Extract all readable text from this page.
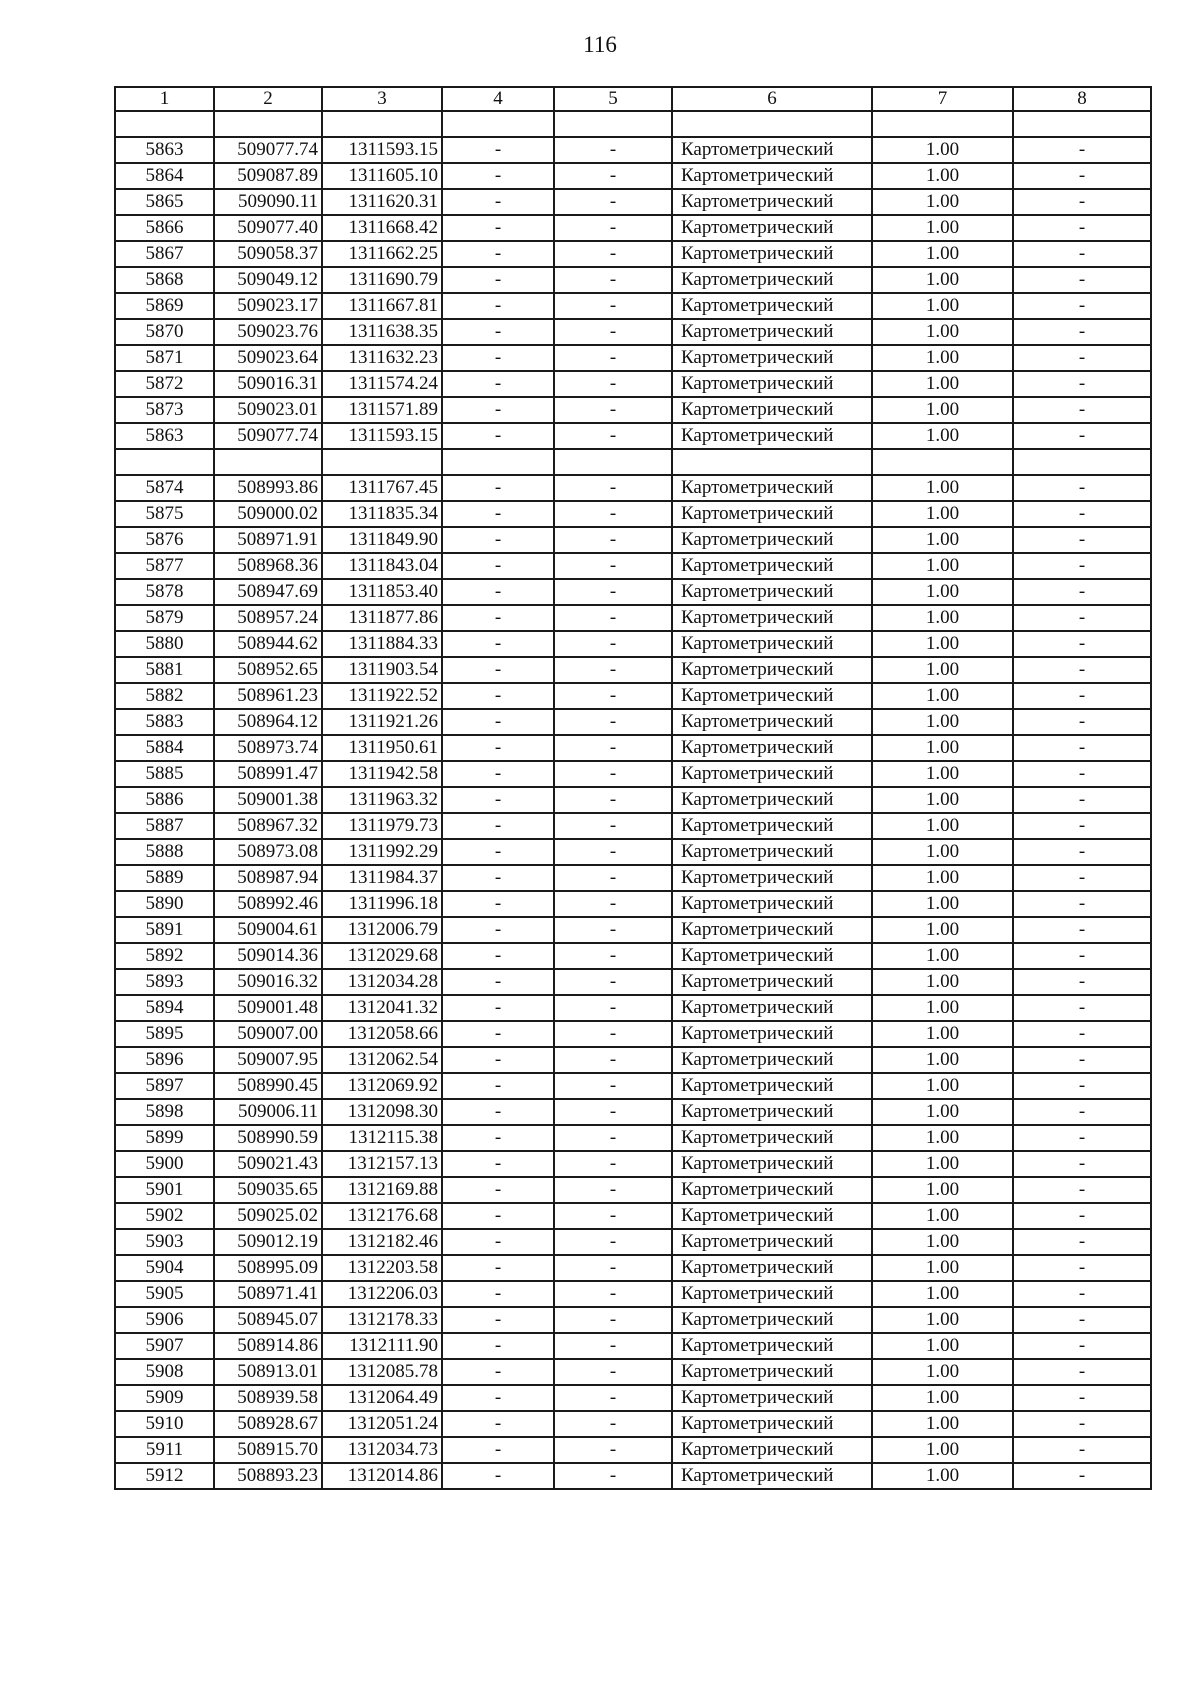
116
1	2	3	4	5	6	7	8

5863	509077.74	1311593.15	-	-	Картометрический	1.00	-
5864	509087.89	1311605.10	-	-	Картометрический	1.00	-
5865	509090.11	1311620.31	-	-	Картометрический	1.00	-
5866	509077.40	1311668.42	-	-	Картометрический	1.00	-
5867	509058.37	1311662.25	-	-	Картометрический	1.00	-
5868	509049.12	1311690.79	-	-	Картометрический	1.00	-
5869	509023.17	1311667.81	-	-	Картометрический	1.00	-
5870	509023.76	1311638.35	-	-	Картометрический	1.00	-
5871	509023.64	1311632.23	-	-	Картометрический	1.00	-
5872	509016.31	1311574.24	-	-	Картометрический	1.00	-
5873	509023.01	1311571.89	-	-	Картометрический	1.00	-
5863	509077.74	1311593.15	-	-	Картометрический	1.00	-

5874	508993.86	1311767.45	-	-	Картометрический	1.00	-
5875	509000.02	1311835.34	-	-	Картометрический	1.00	-
5876	508971.91	1311849.90	-	-	Картометрический	1.00	-
5877	508968.36	1311843.04	-	-	Картометрический	1.00	-
5878	508947.69	1311853.40	-	-	Картометрический	1.00	-
5879	508957.24	1311877.86	-	-	Картометрический	1.00	-
5880	508944.62	1311884.33	-	-	Картометрический	1.00	-
5881	508952.65	1311903.54	-	-	Картометрический	1.00	-
5882	508961.23	1311922.52	-	-	Картометрический	1.00	-
5883	508964.12	1311921.26	-	-	Картометрический	1.00	-
5884	508973.74	1311950.61	-	-	Картометрический	1.00	-
5885	508991.47	1311942.58	-	-	Картометрический	1.00	-
5886	509001.38	1311963.32	-	-	Картометрический	1.00	-
5887	508967.32	1311979.73	-	-	Картометрический	1.00	-
5888	508973.08	1311992.29	-	-	Картометрический	1.00	-
5889	508987.94	1311984.37	-	-	Картометрический	1.00	-
5890	508992.46	1311996.18	-	-	Картометрический	1.00	-
5891	509004.61	1312006.79	-	-	Картометрический	1.00	-
5892	509014.36	1312029.68	-	-	Картометрический	1.00	-
5893	509016.32	1312034.28	-	-	Картометрический	1.00	-
5894	509001.48	1312041.32	-	-	Картометрический	1.00	-
5895	509007.00	1312058.66	-	-	Картометрический	1.00	-
5896	509007.95	1312062.54	-	-	Картометрический	1.00	-
5897	508990.45	1312069.92	-	-	Картометрический	1.00	-
5898	509006.11	1312098.30	-	-	Картометрический	1.00	-
5899	508990.59	1312115.38	-	-	Картометрический	1.00	-
5900	509021.43	1312157.13	-	-	Картометрический	1.00	-
5901	509035.65	1312169.88	-	-	Картометрический	1.00	-
5902	509025.02	1312176.68	-	-	Картометрический	1.00	-
5903	509012.19	1312182.46	-	-	Картометрический	1.00	-
5904	508995.09	1312203.58	-	-	Картометрический	1.00	-
5905	508971.41	1312206.03	-	-	Картометрический	1.00	-
5906	508945.07	1312178.33	-	-	Картометрический	1.00	-
5907	508914.86	1312111.90	-	-	Картометрический	1.00	-
5908	508913.01	1312085.78	-	-	Картометрический	1.00	-
5909	508939.58	1312064.49	-	-	Картометрический	1.00	-
5910	508928.67	1312051.24	-	-	Картометрический	1.00	-
5911	508915.70	1312034.73	-	-	Картометрический	1.00	-
5912	508893.23	1312014.86	-	-	Картометрический	1.00	-
